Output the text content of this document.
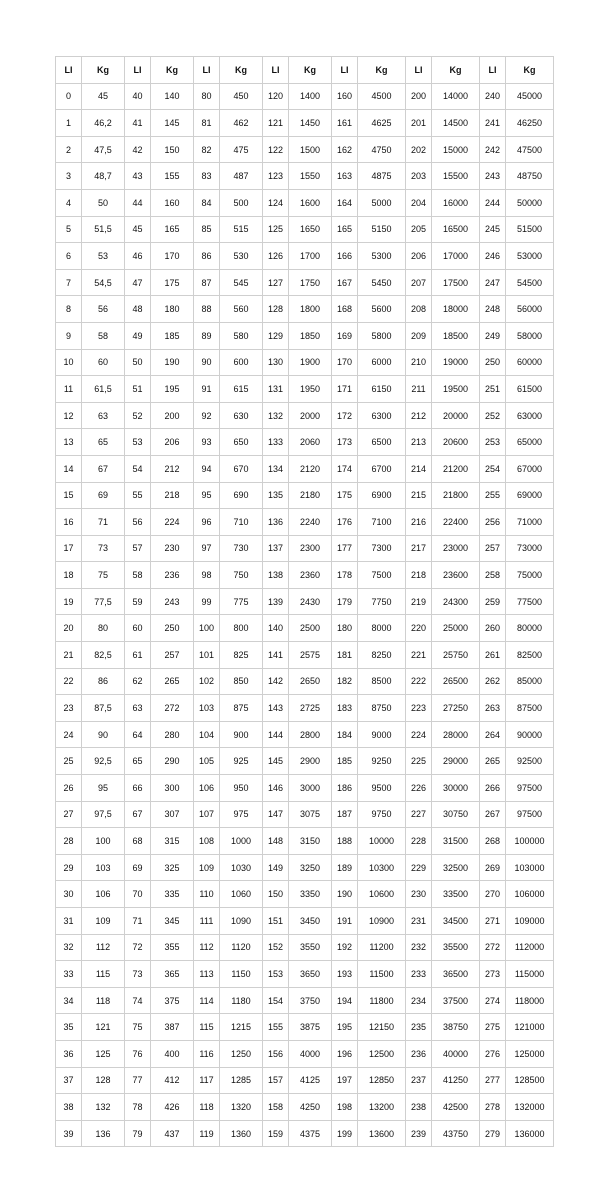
LI	Kg	LI	Kg	LI	Kg	LI	Kg	LI	Kg	LI	Kg	LI	Kg
0	45	40	140	80	450	120	1400	160	4500	200	14000	240	45000
1	46,2	41	145	81	462	121	1450	161	4625	201	14500	241	46250
2	47,5	42	150	82	475	122	1500	162	4750	202	15000	242	47500
3	48,7	43	155	83	487	123	1550	163	4875	203	15500	243	48750
4	50	44	160	84	500	124	1600	164	5000	204	16000	244	50000
5	51,5	45	165	85	515	125	1650	165	5150	205	16500	245	51500
6	53	46	170	86	530	126	1700	166	5300	206	17000	246	53000
7	54,5	47	175	87	545	127	1750	167	5450	207	17500	247	54500
8	56	48	180	88	560	128	1800	168	5600	208	18000	248	56000
9	58	49	185	89	580	129	1850	169	5800	209	18500	249	58000
10	60	50	190	90	600	130	1900	170	6000	210	19000	250	60000
11	61,5	51	195	91	615	131	1950	171	6150	211	19500	251	61500
12	63	52	200	92	630	132	2000	172	6300	212	20000	252	63000
13	65	53	206	93	650	133	2060	173	6500	213	20600	253	65000
14	67	54	212	94	670	134	2120	174	6700	214	21200	254	67000
15	69	55	218	95	690	135	2180	175	6900	215	21800	255	69000
16	71	56	224	96	710	136	2240	176	7100	216	22400	256	71000
17	73	57	230	97	730	137	2300	177	7300	217	23000	257	73000
18	75	58	236	98	750	138	2360	178	7500	218	23600	258	75000
19	77,5	59	243	99	775	139	2430	179	7750	219	24300	259	77500
20	80	60	250	100	800	140	2500	180	8000	220	25000	260	80000
21	82,5	61	257	101	825	141	2575	181	8250	221	25750	261	82500
22	86	62	265	102	850	142	2650	182	8500	222	26500	262	85000
23	87,5	63	272	103	875	143	2725	183	8750	223	27250	263	87500
24	90	64	280	104	900	144	2800	184	9000	224	28000	264	90000
25	92,5	65	290	105	925	145	2900	185	9250	225	29000	265	92500
26	95	66	300	106	950	146	3000	186	9500	226	30000	266	97500
27	97,5	67	307	107	975	147	3075	187	9750	227	30750	267	97500
28	100	68	315	108	1000	148	3150	188	10000	228	31500	268	100000
29	103	69	325	109	1030	149	3250	189	10300	229	32500	269	103000
30	106	70	335	110	1060	150	3350	190	10600	230	33500	270	106000
31	109	71	345	111	1090	151	3450	191	10900	231	34500	271	109000
32	112	72	355	112	1120	152	3550	192	11200	232	35500	272	112000
33	115	73	365	113	1150	153	3650	193	11500	233	36500	273	115000
34	118	74	375	114	1180	154	3750	194	11800	234	37500	274	118000
35	121	75	387	115	1215	155	3875	195	12150	235	38750	275	121000
36	125	76	400	116	1250	156	4000	196	12500	236	40000	276	125000
37	128	77	412	117	1285	157	4125	197	12850	237	41250	277	128500
38	132	78	426	118	1320	158	4250	198	13200	238	42500	278	132000
39	136	79	437	119	1360	159	4375	199	13600	239	43750	279	136000
